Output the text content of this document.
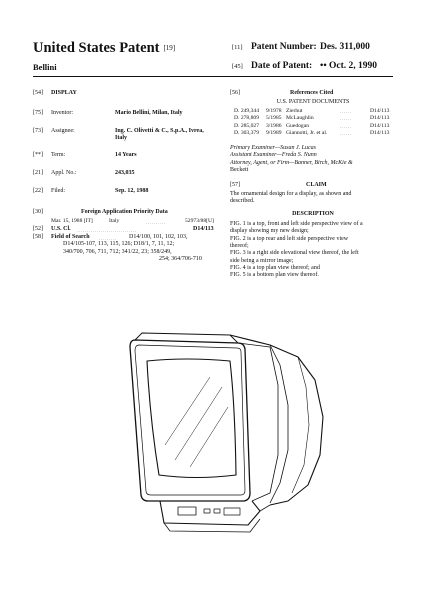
United States Patent [19]
Bellini
[11] Patent Number: Des. 311,000
[45] Date of Patent: •• Oct. 2, 1990
[54] DISPLAY
[75] Inventor:	Mario Bellini, Milan, Italy
[73] Assignee:	Ing. C. Olivetti & C., S.p.A., Ivrea,
Italy
[**] Term:	14 Years
[21] Appl. No.:	243,035
[22] Filed:	Sep. 12, 1988
[30]	Foreign Application Priority Data
Mar. 15, 1988 [IT]	Italy	..........	52973/88[U]
[52] U.S. Cl. ..............................	D14/113
[58] Field of Search ......... D14/100, 101, 102, 103,
D14/105-107, 113, 115, 126; D18/1, 7, 11, 12;
340/700, 706, 711, 712; 341/22, 23; 358/249,
254; 364/706-710
[56]	References Cited
U.S. PATENT DOCUMENTS
D. 249,344 9/1978 Zierhut	D14/113
......
D. 278,809 5/1985 McLaughlin	D14/113
......
D. 285,027 3/1986 Guedogan	D14/113
......
D. 303,379 9/1989 Giannotti, Jr. et al.	D14/113
......
Primary Examiner—Susan J. Lucas
Assistant Examiner—Freda S. Nunn
Attorney, Agent, or Firm—Banner, Birch, McKie &
Beckett
[57]	CLAIM
The ornamental design for a display, as shown and
described.
DESCRIPTION
FIG. 1 is a top, front and left side perspective view of a
display showing my new design;
FIG. 2 is a top rear and left side perspective view
thereof;
FIG. 3 is a right side elevational view thereof, the left
side being a mirror image;
FIG. 4 is a top plan view thereof; and
FIG. 5 is a bottom plan view thereof.
